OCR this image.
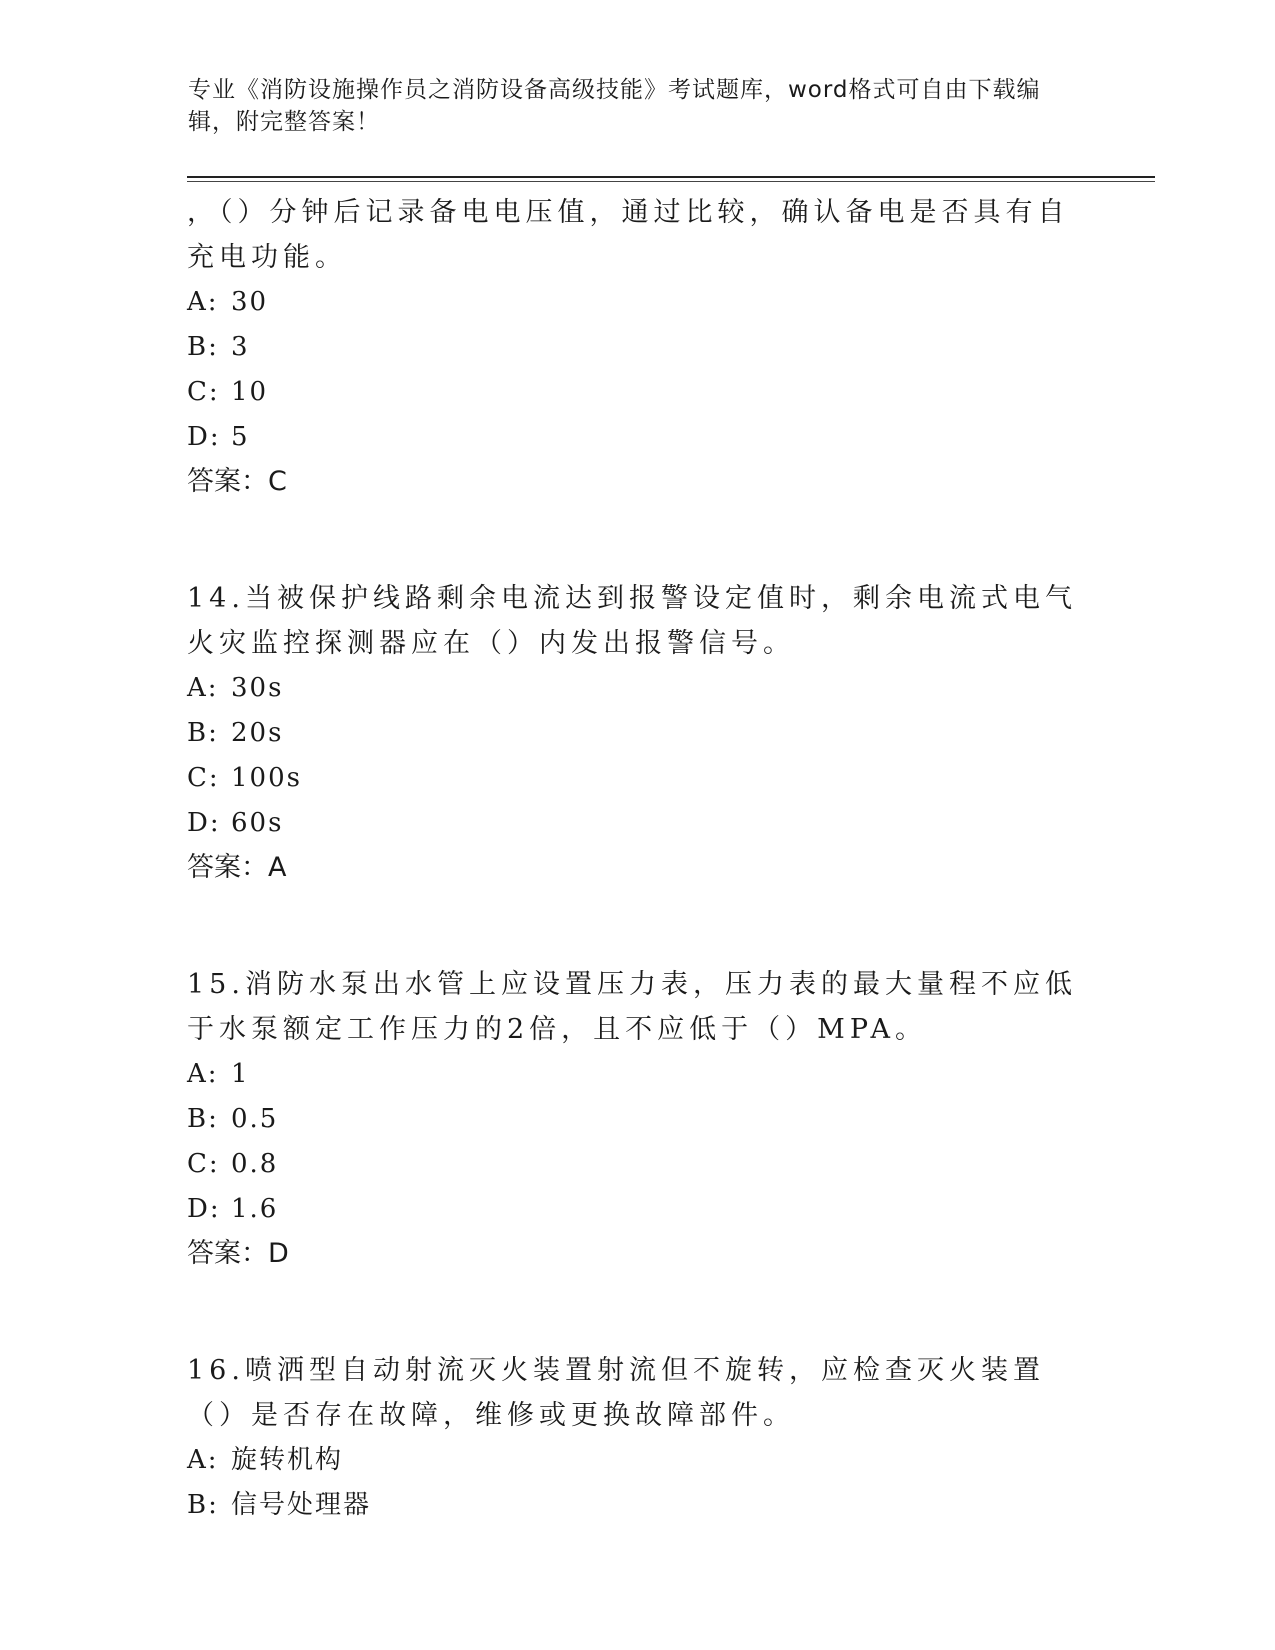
专业《消防设施操作员之消防设备高级技能》考试题库，word格式可自由下载编辑，附完整答案！

，（）分钟后记录备电电压值，通过比较，确认备电是否具有自充电功能。

A: 30

B: 3

C: 10

D: 5

答案：C

14.当被保护线路剩余电流达到报警设定值时，剩余电流式电气火灾监控探测器应在（）内发出报警信号。

A: 30s

B: 20s

C: 100s

D: 60s

答案：A

15.消防水泵出水管上应设置压力表，压力表的最大量程不应低于水泵额定工作压力的2倍，且不应低于（）MPA。

A: 1

B: 0.5

C: 0.8

D: 1.6

答案：D

16.喷洒型自动射流灭火装置射流但不旋转，应检查灭火装置（）是否存在故障，维修或更换故障部件。

A: 旋转机构

B: 信号处理器
